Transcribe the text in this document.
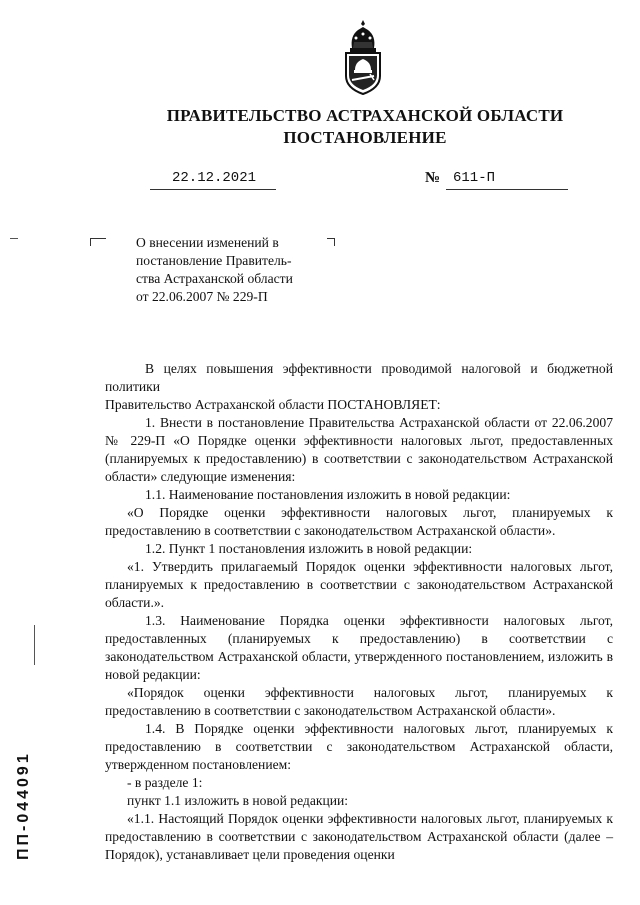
ПРАВИТЕЛЬСТВО АСТРАХАНСКОЙ ОБЛАСТИ
ПОСТАНОВЛЕНИЕ
22.12.2021	№ 611-П
О внесении изменений в
постановление Правитель-
ства Астраханской области
от 22.06.2007 № 229-П

В целях повышения эффективности проводимой налоговой и бюджетной политики

Правительство Астраханской области ПОСТАНОВЛЯЕТ:

1. Внести в постановление Правительства Астраханской области от 22.06.2007 № 229-П «О Порядке оценки эффективности налоговых льгот, предоставленных (планируемых к предоставлению) в соответствии с законодательством Астраханской области» следующие изменения:

1.1. Наименование постановления изложить в новой редакции:

«О Порядке оценки эффективности налоговых льгот, планируемых к предоставлению в соответствии с законодательством Астраханской области».

1.2. Пункт 1 постановления изложить в новой редакции:

«1. Утвердить прилагаемый Порядок оценки эффективности налоговых льгот, планируемых к предоставлению в соответствии с законодательством Астраханской области.».

1.3. Наименование Порядка оценки эффективности налоговых льгот, предоставленных (планируемых к предоставлению) в соответствии с законодательством Астраханской области, утвержденного постановлением, изложить в новой редакции:

«Порядок оценки эффективности налоговых льгот, планируемых к предоставлению в соответствии с законодательством Астраханской области».

1.4. В Порядке оценки эффективности налоговых льгот, планируемых к предоставлению в соответствии с законодательством Астраханской области, утвержденном постановлением:

- в разделе 1:

пункт 1.1 изложить в новой редакции:

«1.1. Настоящий Порядок оценки эффективности налоговых льгот, планируемых к предоставлению в соответствии с законодательством Астраханской области (далее – Порядок), устанавливает цели проведения оценки

ПП-044091
